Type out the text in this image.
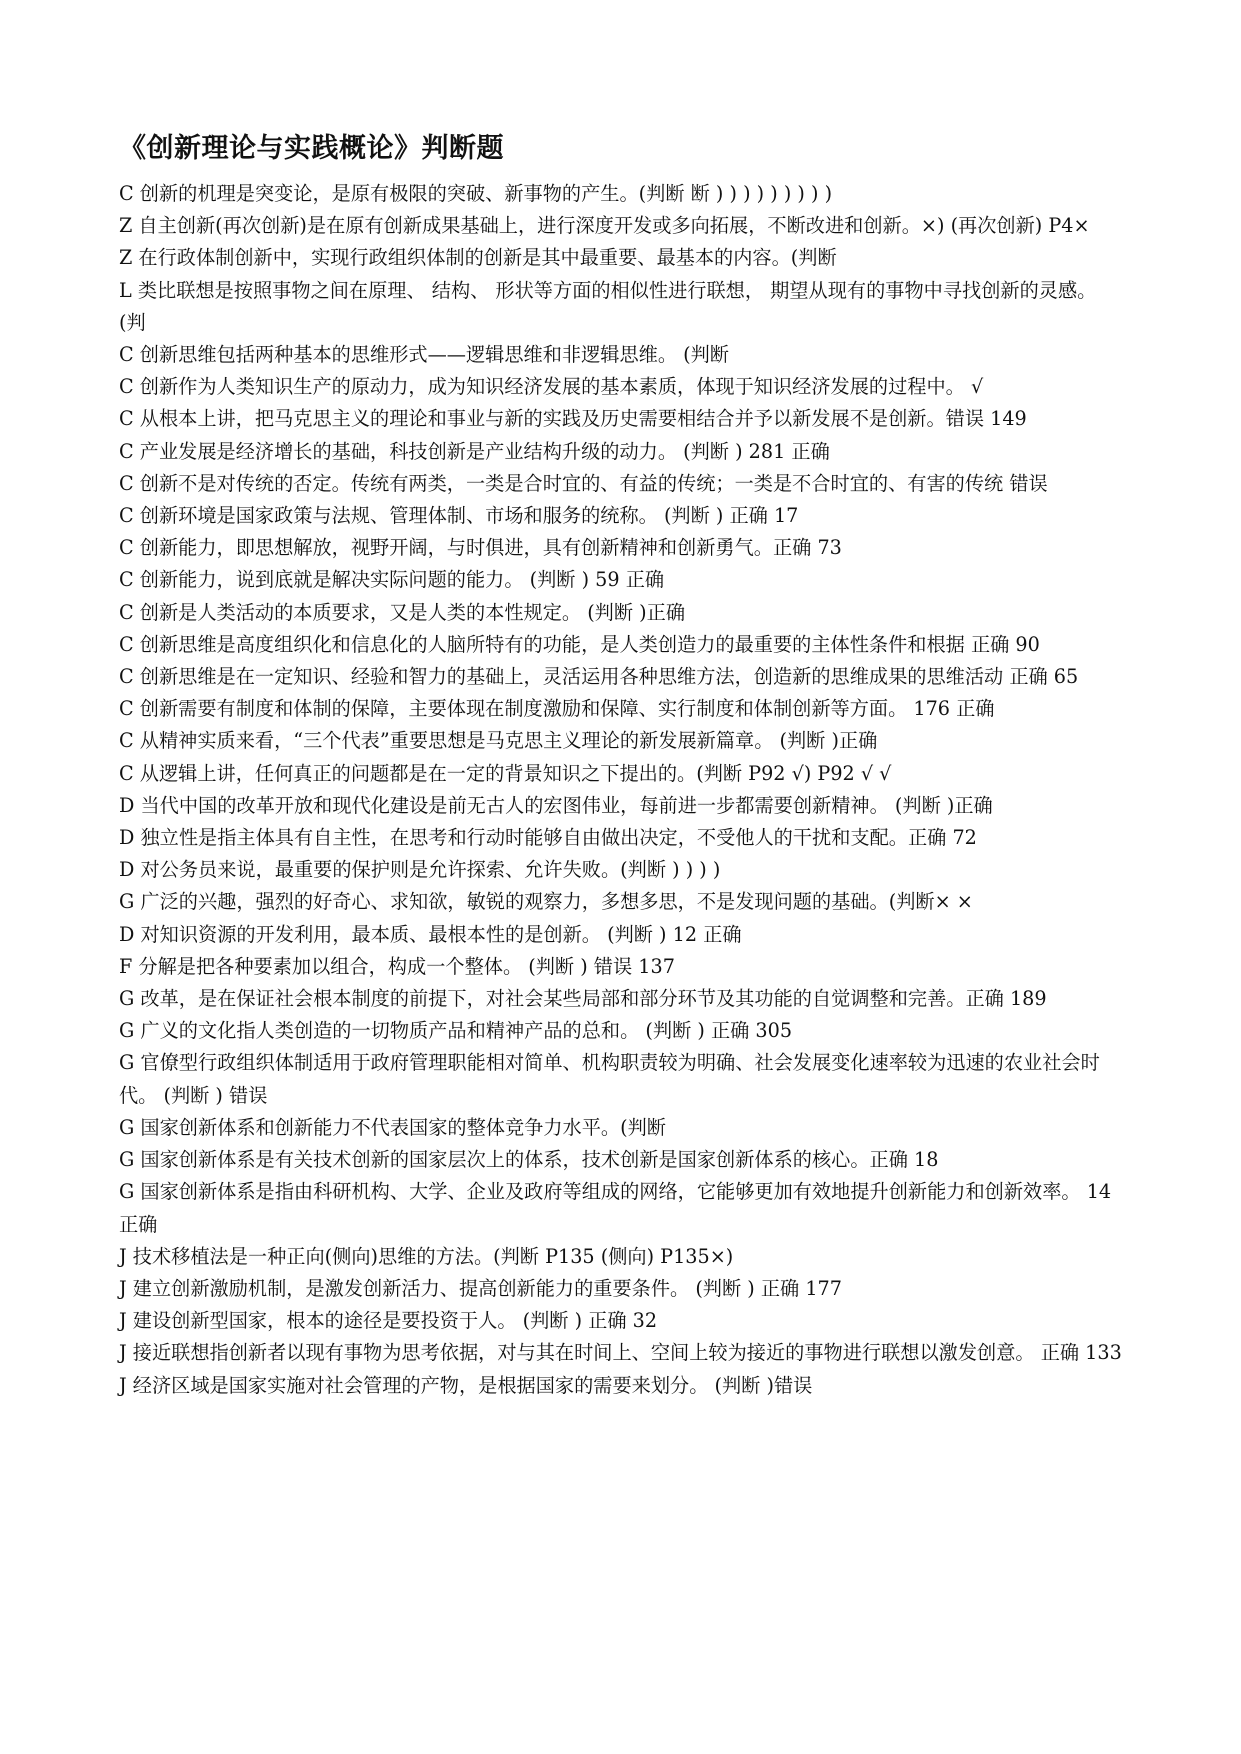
《创新理论与实践概论》判断题
C 创新的机理是突变论，是原有极限的突破、新事物的产生。(判断 断 ) ) ) ) ) ) ) ) )
Z 自主创新(再次创新)是在原有创新成果基础上，进行深度开发或多向拓展，不断改进和创新。×) (再次创新) P4×
Z 在行政体制创新中，实现行政组织体制的创新是其中最重要、最基本的内容。(判断
L 类比联想是按照事物之间在原理、 结构、 形状等方面的相似性进行联想， 期望从现有的事物中寻找创新的灵感。 (判
C 创新思维包括两种基本的思维形式——逻辑思维和非逻辑思维。 (判断
C 创新作为人类知识生产的原动力，成为知识经济发展的基本素质，体现于知识经济发展的过程中。 √
C 从根本上讲，把马克思主义的理论和事业与新的实践及历史需要相结合并予以新发展不是创新。错误 149
C 产业发展是经济增长的基础，科技创新是产业结构升级的动力。 (判断 ) 281 正确
C 创新不是对传统的否定。传统有两类，一类是合时宜的、有益的传统；一类是不合时宜的、有害的传统 错误
C 创新环境是国家政策与法规、管理体制、市场和服务的统称。 (判断 ) 正确 17
C 创新能力，即思想解放，视野开阔，与时俱进，具有创新精神和创新勇气。正确 73
C 创新能力，说到底就是解决实际问题的能力。 (判断 ) 59 正确
C 创新是人类活动的本质要求，又是人类的本性规定。 (判断 )正确
C 创新思维是高度组织化和信息化的人脑所特有的功能，是人类创造力的最重要的主体性条件和根据 正确 90
C 创新思维是在一定知识、经验和智力的基础上，灵活运用各种思维方法，创造新的思维成果的思维活动 正确 65
C 创新需要有制度和体制的保障，主要体现在制度激励和保障、实行制度和体制创新等方面。 176 正确
C 从精神实质来看，“三个代表”重要思想是马克思主义理论的新发展新篇章。 (判断 )正确
C 从逻辑上讲，任何真正的问题都是在一定的背景知识之下提出的。(判断 P92 √) P92 √ √
D 当代中国的改革开放和现代化建设是前无古人的宏图伟业，每前进一步都需要创新精神。 (判断 )正确
D 独立性是指主体具有自主性，在思考和行动时能够自由做出决定，不受他人的干扰和支配。正确 72
D 对公务员来说，最重要的保护则是允许探索、允许失败。(判断 ) ) ) )
G 广泛的兴趣，强烈的好奇心、求知欲，敏锐的观察力，多想多思，不是发现问题的基础。(判断× ×
D 对知识资源的开发利用，最本质、最根本性的是创新。 (判断 ) 12 正确
F 分解是把各种要素加以组合，构成一个整体。 (判断 ) 错误 137
G 改革，是在保证社会根本制度的前提下，对社会某些局部和部分环节及其功能的自觉调整和完善。正确 189
G 广义的文化指人类创造的一切物质产品和精神产品的总和。 (判断 ) 正确 305
G 官僚型行政组织体制适用于政府管理职能相对简单、机构职责较为明确、社会发展变化速率较为迅速的农业社会时代。 (判断 ) 错误
G 国家创新体系和创新能力不代表国家的整体竞争力水平。(判断
G 国家创新体系是有关技术创新的国家层次上的体系，技术创新是国家创新体系的核心。正确 18
G 国家创新体系是指由科研机构、大学、企业及政府等组成的网络，它能够更加有效地提升创新能力和创新效率。 14 正确
J 技术移植法是一种正向(侧向)思维的方法。(判断 P135 (侧向) P135×)
J 建立创新激励机制，是激发创新活力、提高创新能力的重要条件。 (判断 ) 正确 177
J 建设创新型国家，根本的途径是要投资于人。 (判断 ) 正确 32
J 接近联想指创新者以现有事物为思考依据，对与其在时间上、空间上较为接近的事物进行联想以激发创意。 正确 133
J 经济区域是国家实施对社会管理的产物，是根据国家的需要来划分。 (判断 )错误
